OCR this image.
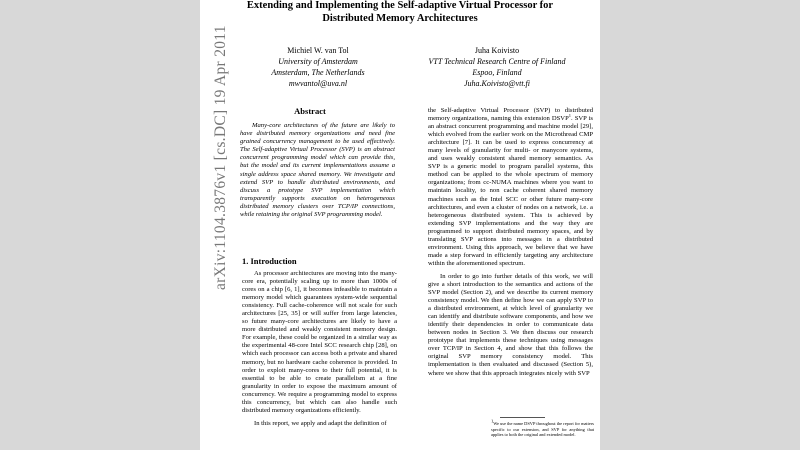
arXiv:1104.3876v1 [cs.DC] 19 Apr 2011
Extending and Implementing the Self-adaptive Virtual Processor for Distributed Memory Architectures
Michiel W. van Tol
University of Amsterdam
Amsterdam, The Netherlands
mwvantol@uva.nl
Juha Koivisto
VTT Technical Research Centre of Finland
Espoo, Finland
Juha.Koivisto@vtt.fi
Abstract

Many-core architectures of the future are likely to have distributed memory organizations and need fine grained concurrency management to be used effectively. The Self-adaptive Virtual Processor (SVP) is an abstract concurrent programming model which can provide this, but the model and its current implementations assume a single address space shared memory. We investigate and extend SVP to handle distributed environments, and discuss a prototype SVP implementation which transparently supports execution on heterogeneous distributed memory clusters over TCP/IP connections, while retaining the original SVP programming model.

1. Introduction

As processor architectures are moving into the many-core era, potentially scaling up to more than 1000s of cores on a chip [6, 1], it becomes infeasible to maintain a memory model which guarantees system-wide sequential consistency. Full cache-coherence will not scale for such architectures [25, 35] or will suffer from large latencies, so future many-core architectures are likely to have a more distributed and weakly consistent memory design. For example, these could be organized in a similar way as the experimental 48-core Intel SCC research chip [28], on which each processor can access both a private and shared memory, but no hardware cache coherence is provided. In order to exploit many-cores to their full potential, it is essential to be able to create parallelism at a fine granularity in order to expose the maximum amount of concurrency. We require a programming model to express this concurrency, but which can also handle such distributed memory organizations efficiently.

In this report, we apply and adapt the definition of

the Self-adaptive Virtual Processor (SVP) to distributed memory organizations, naming this extension DSVP$^1$. SVP is an abstract concurrent programming and machine model [29], which evolved from the earlier work on the Microthread CMP architecture [7]. It can be used to express concurrency at many levels of granularity for multi- or manycore systems, and uses weakly consistent shared memory semantics. As SVP is a generic model to program parallel systems, this method can be applied to the whole spectrum of memory organizations; from cc-NUMA machines where you want to maintain locality, to non cache coherent shared memory machines such as the Intel SCC or other future many-core architectures, and even a cluster of nodes on a network, i.e. a heterogeneous distributed system. This is achieved by extending SVP implementations and the way they are programmed to support distributed memory spaces, and by translating SVP actions into messages in a distributed environment. Using this approach, we believe that we have made a step forward in efficiently targeting any architecture within the aforementioned spectrum.

In order to go into further details of this work, we will give a short introduction to the semantics and actions of the SVP model (Section 2), and we describe its current memory consistency model. We then define how we can apply SVP to a distributed environment, at which level of granularity we can identify and distribute software components, and how we identify their dependencies in order to communicate data between nodes in Section 3. We then discuss our research prototype that implements these techniques using messages over TCP/IP in Section 4, and show that this follows the original SVP memory consistency model. This implementation is then evaluated and discussed (Section 5), where we show that this approach integrates nicely with SVP

$^1$We use the name DSVP throughout the report for matters specific to our extension, and SVP for anything that applies to both the original and extended model.
